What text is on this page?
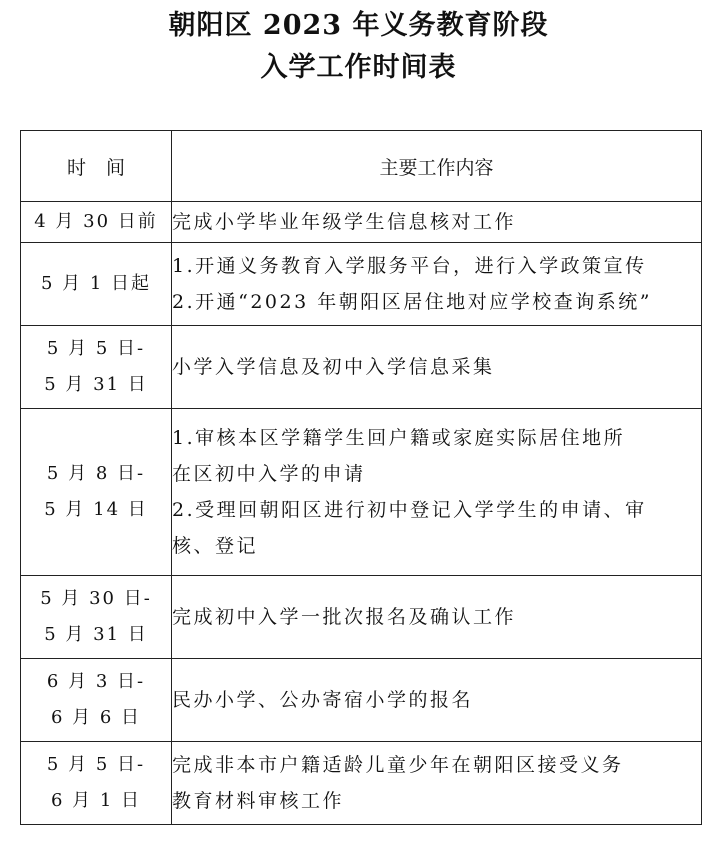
朝阳区 2023 年义务教育阶段
入学工作时间表
时间	主要工作内容

4 月 30 日前	完成小学毕业年级学生信息核对工作

5 月 1 日起	1.开通义务教育入学服务平台，进行入学政策宣传
2.开通“2023 年朝阳区居住地对应学校查询系统”

5 月 5 日-
5 月 31 日	小学入学信息及初中入学信息采集

5 月 8 日-
5 月 14 日	1.审核本区学籍学生回户籍或家庭实际居住地所
在区初中入学的申请
2.受理回朝阳区进行初中登记入学学生的申请、审
核、登记

5 月 30 日-
5 月 31 日	完成初中入学一批次报名及确认工作

6 月 3 日-
6 月 6 日	民办小学、公办寄宿小学的报名

5 月 5 日-
6 月 1 日	完成非本市户籍适龄儿童少年在朝阳区接受义务
教育材料审核工作
